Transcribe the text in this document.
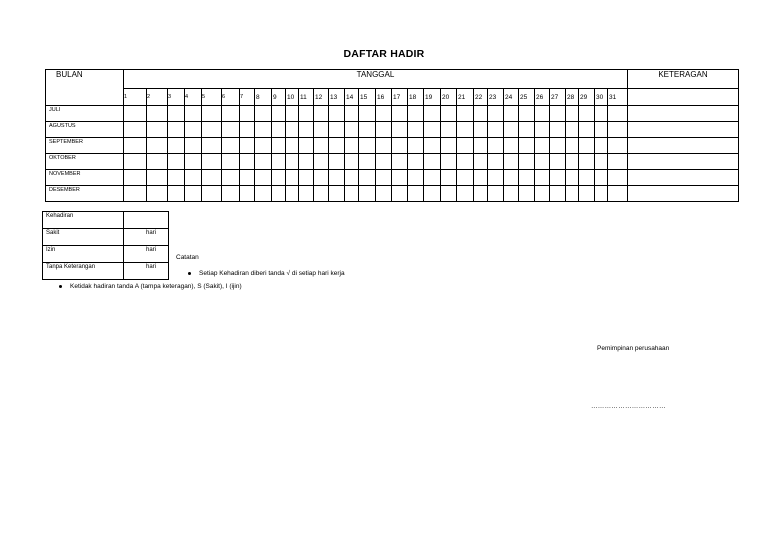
DAFTAR HADIR
BULAN	TANGGAL																															KETERAGAN
	1	2	3	4	5	6	7	8	9	10	11	12	13	14	15	16	17	18	19	20	21	22	23	24	25	26	27	28	29	30	31	
JULI																																
AGUSTUS																																
SEPTEMBER																																
OKTOBER																																
NOVEMBER																																
DESEMBER																																
Kehadiran	
Sakit	hari
Izin	hari
Tanpa Keterangan	hari
Catatan
Setiap Kehadiran diberi tanda √ di setiap hari kerja
Ketidak hadiran tanda A (tampa keteragan), S (Sakit), I (ijin)
Pemimpinan perusahaan
……………………………
